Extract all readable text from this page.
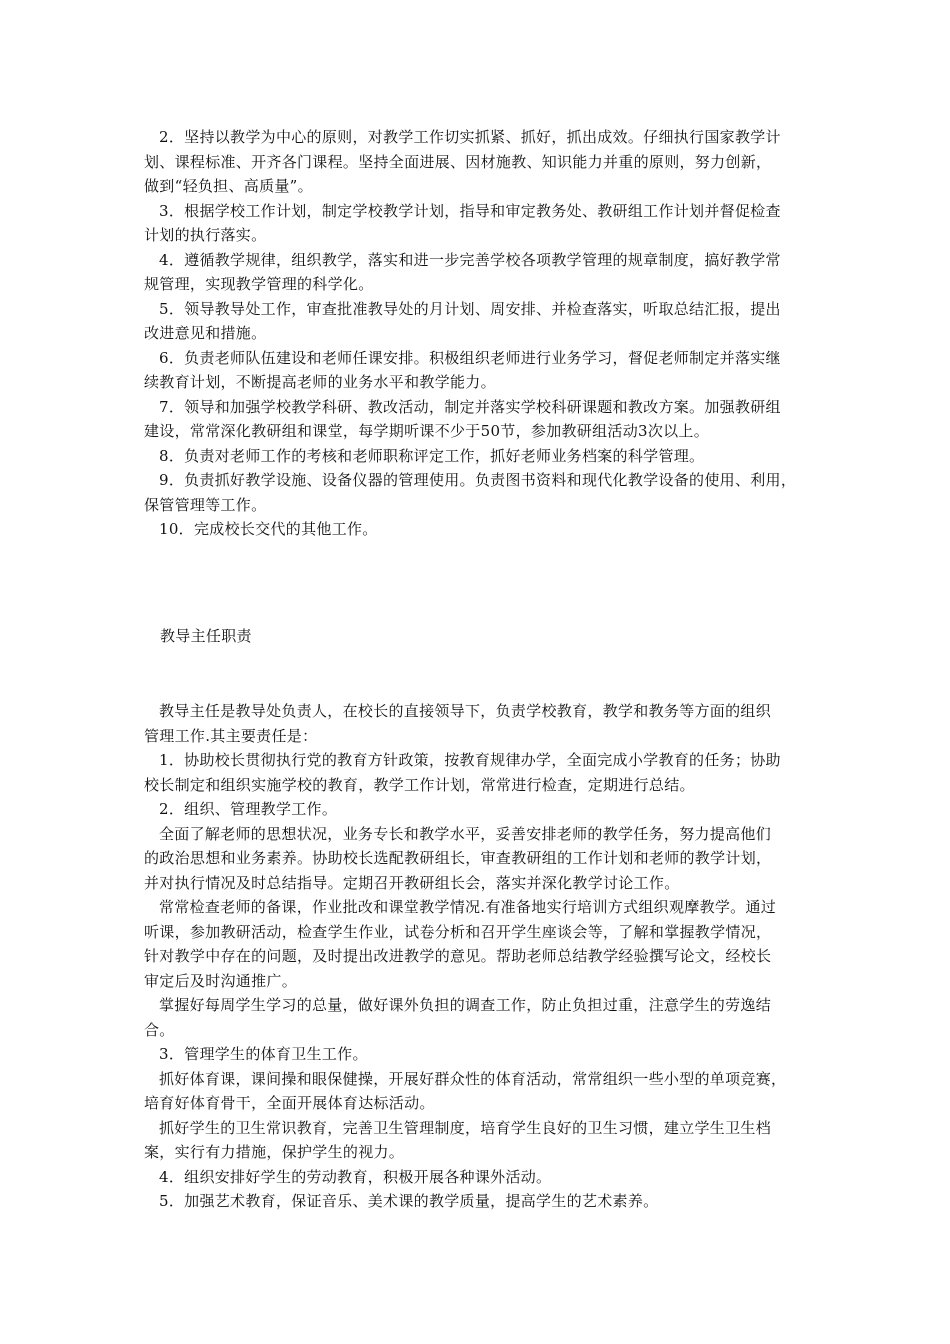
2．坚持以教学为中心的原则，对教学工作切实抓紧、抓好，抓出成效。仔细执行国家教学计
划、课程标准、开齐各门课程。坚持全面进展、因材施教、知识能力并重的原则，努力创新，
做到“轻负担、高质量”。
3．根据学校工作计划，制定学校教学计划，指导和审定教务处、教研组工作计划并督促检查
计划的执行落实。
4．遵循教学规律，组织教学，落实和进一步完善学校各项教学管理的规章制度，搞好教学常
规管理，实现教学管理的科学化。
5．领导教导处工作，审查批准教导处的月计划、周安排、并检查落实，听取总结汇报，提出
改进意见和措施。
6．负责老师队伍建设和老师任课安排。积极组织老师进行业务学习，督促老师制定并落实继
续教育计划，不断提高老师的业务水平和教学能力。
7．领导和加强学校教学科研、教改活动，制定并落实学校科研课题和教改方案。加强教研组
建设，常常深化教研组和课堂，每学期听课不少于50节，参加教研组活动3次以上。
8．负责对老师工作的考核和老师职称评定工作，抓好老师业务档案的科学管理。
9．负责抓好教学设施、设备仪器的管理使用。负责图书资料和现代化教学设备的使用、利用，
保管管理等工作。
10．完成校长交代的其他工作。
教导主任职责
教导主任是教导处负责人，在校长的直接领导下，负责学校教育，教学和教务等方面的组织
管理工作.其主要责任是：
1．协助校长贯彻执行党的教育方针政策，按教育规律办学，全面完成小学教育的任务；协助
校长制定和组织实施学校的教育，教学工作计划，常常进行检查，定期进行总结。
2．组织、管理教学工作。
全面了解老师的思想状况，业务专长和教学水平，妥善安排老师的教学任务，努力提高他们
的政治思想和业务素养。协助校长选配教研组长，审查教研组的工作计划和老师的教学计划，
并对执行情况及时总结指导。定期召开教研组长会，落实并深化教学讨论工作。
常常检查老师的备课，作业批改和课堂教学情况.有准备地实行培训方式组织观摩教学。通过
听课，参加教研活动，检查学生作业，试卷分析和召开学生座谈会等，了解和掌握教学情况，
针对教学中存在的问题，及时提出改进教学的意见。帮助老师总结教学经验撰写论文，经校长
审定后及时沟通推广。
掌握好每周学生学习的总量，做好课外负担的调查工作，防止负担过重，注意学生的劳逸结
合。
3．管理学生的体育卫生工作。
抓好体育课，课间操和眼保健操，开展好群众性的体育活动，常常组织一些小型的单项竞赛，
培育好体育骨干，全面开展体育达标活动。
抓好学生的卫生常识教育，完善卫生管理制度，培育学生良好的卫生习惯，建立学生卫生档
案，实行有力措施，保护学生的视力。
4．组织安排好学生的劳动教育，积极开展各种课外活动。
5．加强艺术教育，保证音乐、美术课的教学质量，提高学生的艺术素养。
